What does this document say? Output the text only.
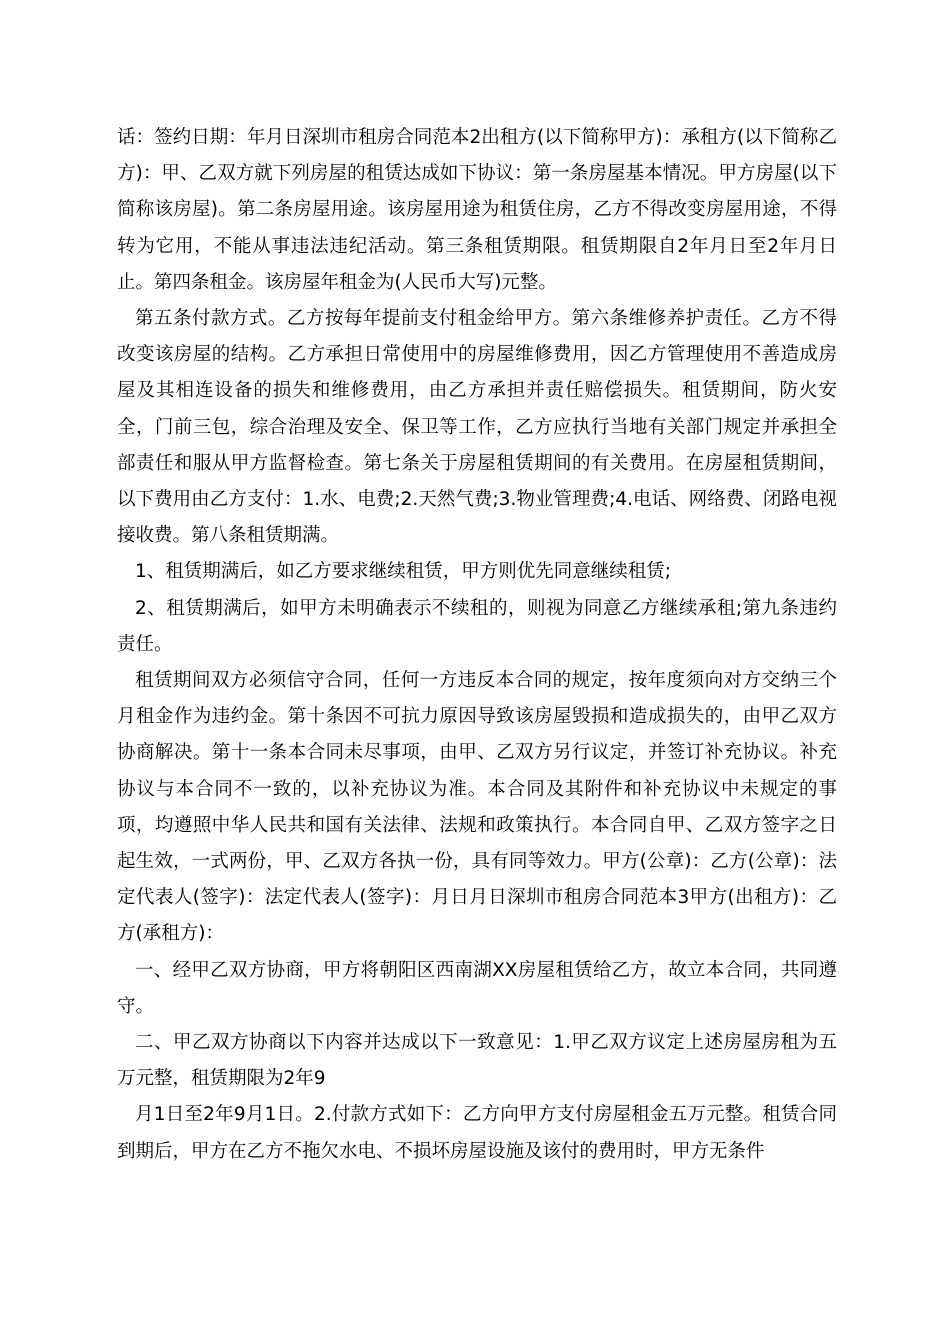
话：签约日期：年月日深圳市租房合同范本2出租方(以下简称甲方)：承租方(以下简称乙方)：甲、乙双方就下列房屋的租赁达成如下协议：第一条房屋基本情况。甲方房屋(以下简称该房屋)。第二条房屋用途。该房屋用途为租赁住房，乙方不得改变房屋用途，不得转为它用，不能从事违法违纪活动。第三条租赁期限。租赁期限自2年月日至2年月日止。第四条租金。该房屋年租金为(人民币大写)元整。

第五条付款方式。乙方按每年提前支付租金给甲方。第六条维修养护责任。乙方不得改变该房屋的结构。乙方承担日常使用中的房屋维修费用，因乙方管理使用不善造成房屋及其相连设备的损失和维修费用，由乙方承担并责任赔偿损失。租赁期间，防火安全，门前三包，综合治理及安全、保卫等工作，乙方应执行当地有关部门规定并承担全部责任和服从甲方监督检查。第七条关于房屋租赁期间的有关费用。在房屋租赁期间，以下费用由乙方支付：1.水、电费;2.天然气费;3.物业管理费;4.电话、网络费、闭路电视接收费。第八条租赁期满。

1、租赁期满后，如乙方要求继续租赁，甲方则优先同意继续租赁;

2、租赁期满后，如甲方未明确表示不续租的，则视为同意乙方继续承租;第九条违约责任。

租赁期间双方必须信守合同，任何一方违反本合同的规定，按年度须向对方交纳三个月租金作为违约金。第十条因不可抗力原因导致该房屋毁损和造成损失的，由甲乙双方协商解决。第十一条本合同未尽事项，由甲、乙双方另行议定，并签订补充协议。补充协议与本合同不一致的，以补充协议为准。本合同及其附件和补充协议中未规定的事项，均遵照中华人民共和国有关法律、法规和政策执行。本合同自甲、乙双方签字之日起生效，一式两份，甲、乙双方各执一份，具有同等效力。甲方(公章)：乙方(公章)：法定代表人(签字)：法定代表人(签字)：月日月日深圳市租房合同范本3甲方(出租方)：乙方(承租方)：

一、经甲乙双方协商，甲方将朝阳区西南湖XX房屋租赁给乙方，故立本合同，共同遵守。

二、甲乙双方协商以下内容并达成以下一致意见：1.甲乙双方议定上述房屋房租为五万元整，租赁期限为2年9

月1日至2年9月1日。2.付款方式如下：乙方向甲方支付房屋租金五万元整。租赁合同到期后，甲方在乙方不拖欠水电、不损坏房屋设施及该付的费用时，甲方无条件
